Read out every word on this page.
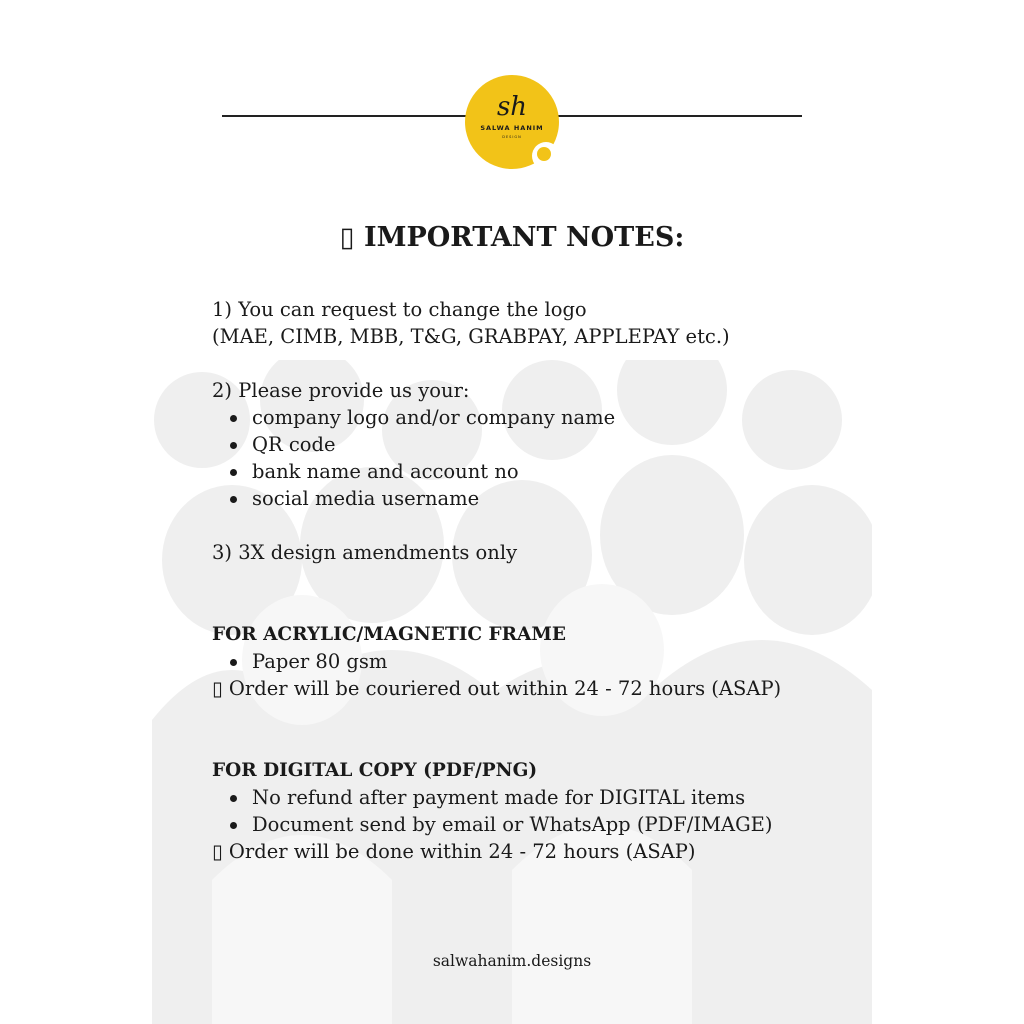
sh
SALWA HANIM
DESIGN
▯ IMPORTANT NOTES:
1) You can request to change the logo
(MAE, CIMB, MBB, T&G, GRABPAY, APPLEPAY etc.)
2) Please provide us your:
company logo and/or company name
QR code
bank name and account no
social media username
3) 3X design amendments only
FOR ACRYLIC/MAGNETIC FRAME
Paper 80 gsm
▯ Order will be couriered out within 24 - 72 hours (ASAP)
FOR DIGITAL COPY (PDF/PNG)
No refund after payment made for DIGITAL items
Document send by email or WhatsApp (PDF/IMAGE)
▯ Order will be done within 24 - 72 hours (ASAP)
salwahanim.designs
